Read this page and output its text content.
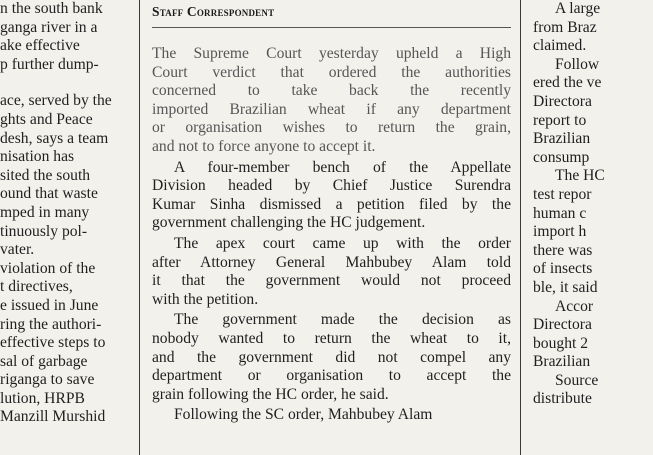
n the south bank

ganga river in a

ake effective

p further dump-

ace, served by the

ghts and Peace

desh, says a team

nisation has

sited the south

ound that waste

mped in many

tinuously pol-

vater.

violation of the

t directives,

e issued in June

ring the authori-

effective steps to

sal of garbage

riganga to save

lution, HRPB

Manzill Murshid

Staff Correspondent

The Supreme Court yesterday upheld a High

Court verdict that ordered the authorities

concerned to take back the recently

imported Brazilian wheat if any department

or organisation wishes to return the grain,

and not to force anyone to accept it.

A four-member bench of the Appellate

Division headed by Chief Justice Surendra

Kumar Sinha dismissed a petition filed by the

government challenging the HC judgement.

The apex court came up with the order

after Attorney General Mahbubey Alam told

it that the government would not proceed

with the petition.

The government made the decision as

nobody wanted to return the wheat to it,

and the government did not compel any

department or organisation to accept the

grain following the HC order, he said.

Following the SC order, Mahbubey Alam

A large

from Braz

claimed.

Follow

ered the ve

Directora

report to

Brazilian

consump

The HC

test repor

human c

import h

there was

of insects

ble, it said

Accor

Directora

bought 2

Brazilian

Source

distribute
